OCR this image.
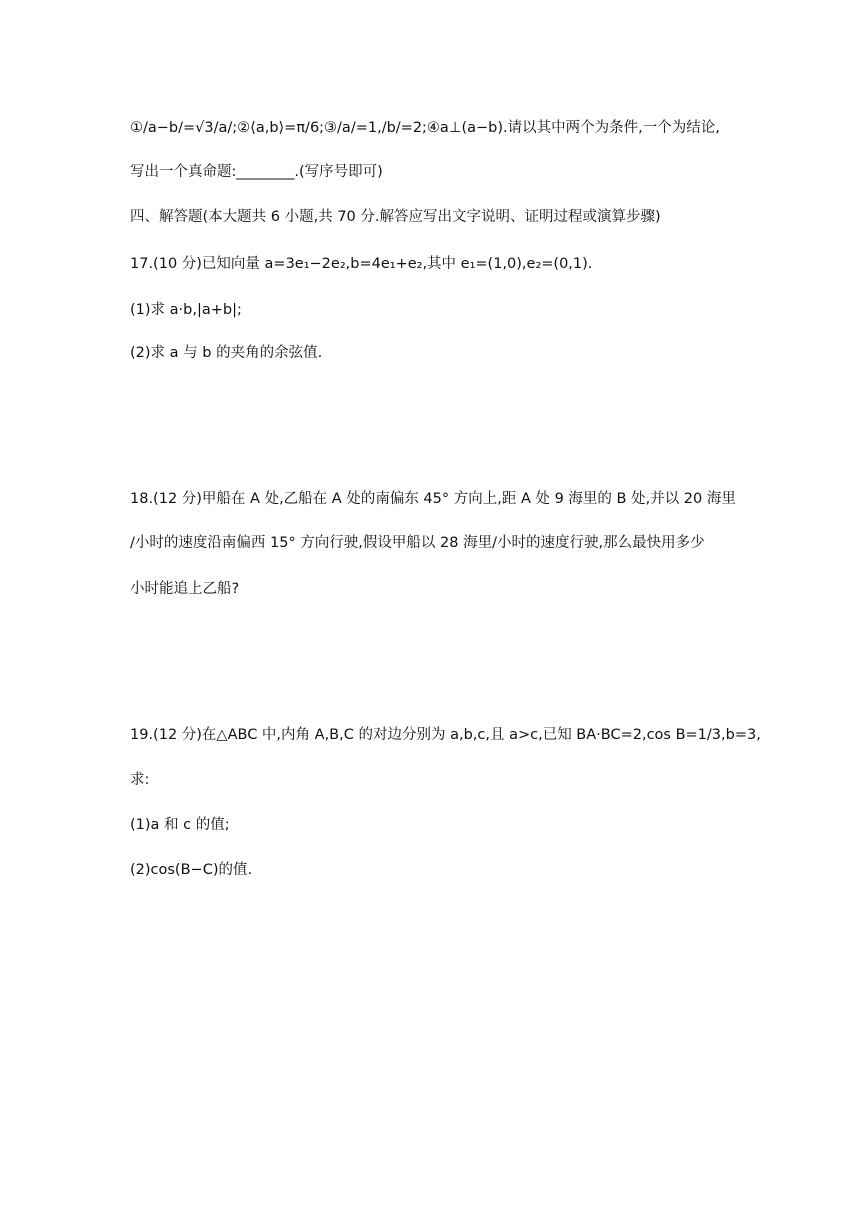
①/a−b/=√3/a/;②⟨a,b⟩=π/6;③/a/=1,/b/=2;④a⊥(a−b).请以其中两个为条件,一个为结论,
写出一个真命题:________.(写序号即可)
四、解答题(本大题共 6 小题,共 70 分.解答应写出文字说明、证明过程或演算步骤)
17.(10 分)已知向量 a=3e₁−2e₂,b=4e₁+e₂,其中 e₁=(1,0),e₂=(0,1).
(1)求 a·b,|a+b|;
(2)求 a 与 b 的夹角的余弦值.
18.(12 分)甲船在 A 处,乙船在 A 处的南偏东 45° 方向上,距 A 处 9 海里的 B 处,并以 20 海里
/小时的速度沿南偏西 15° 方向行驶,假设甲船以 28 海里/小时的速度行驶,那么最快用多少
小时能追上乙船?
19.(12 分)在△ABC 中,内角 A,B,C 的对边分别为 a,b,c,且 a>c,已知 BA·BC=2,cos B=1/3,b=3,
求:
(1)a 和 c 的值;
(2)cos(B−C)的值.
